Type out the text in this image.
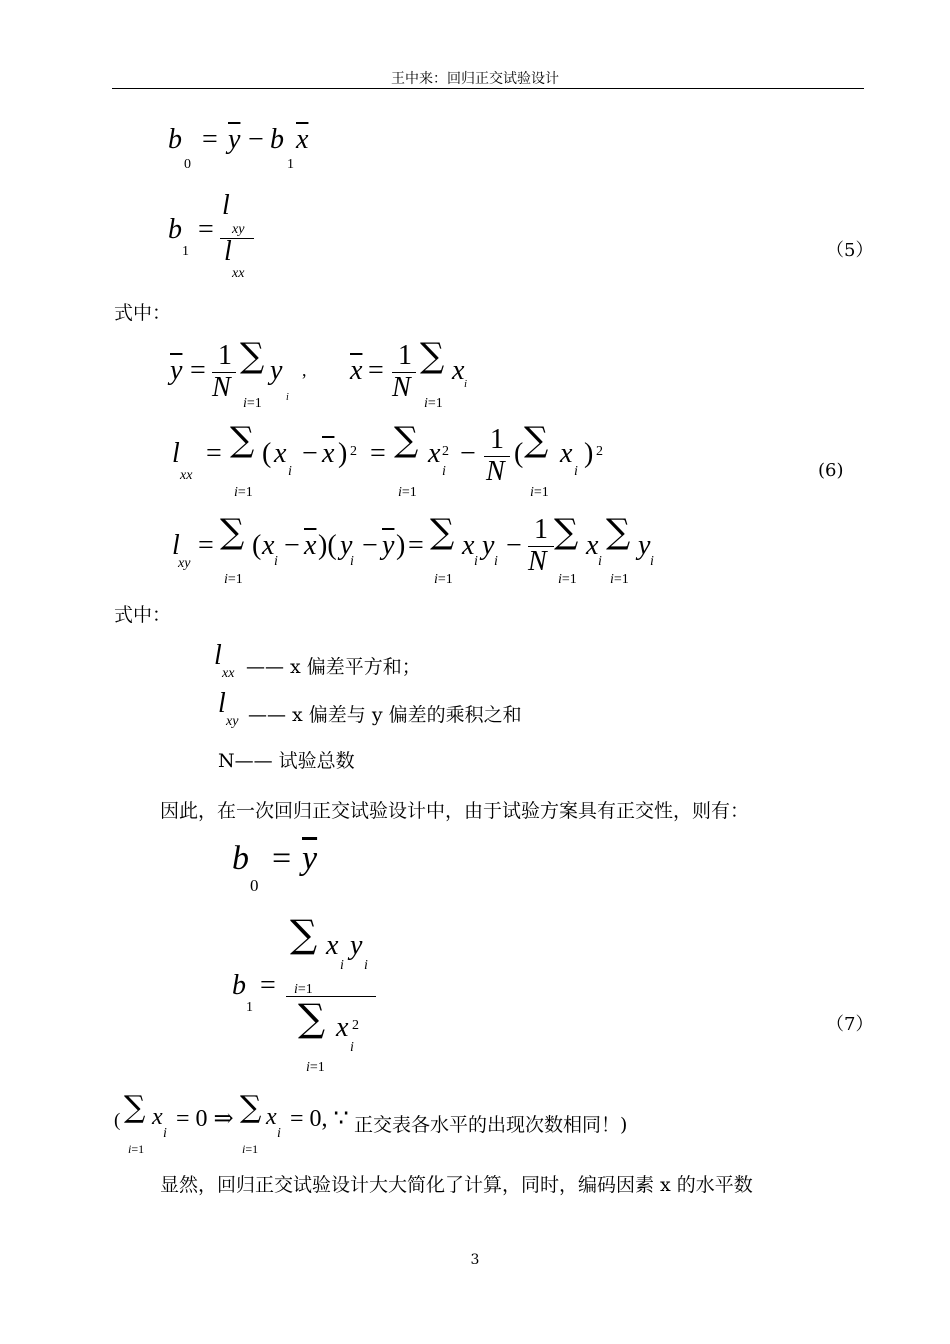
王中来：回归正交试验设计
b
0
= $\overline{y} - b$
1
$\overline{x}$
b
1
=
l
xy
l
xx
（5）
式中：
$\overline{y} = 1$
N
∑ y
i
i=1
, $\overline{x} = 1$
N
∑ x i
i=1
l
xx
= ∑ ( x
i
− $\overline{x}$ ) 2 = ∑ x 2
i
− 1
N
( ∑ x
i
) 2
i=1	i=1	i=1
(6)
l
xy
= ∑ ( x
i
− $\overline{x}$ )( y
i
− $\overline{y}$ ) = ∑ x
i
y
i
−
1
N
∑ x
i
∑ y
i
i=1	i=1	i=1 i=1
式中：
l
xx —— x 偏差平方和；
l
xy —— x 偏差与 y 偏差的乘积之和
N—— 试验总数
因此，在一次回归正交试验设计中，由于试验方案具有正交性，则有：
b
0
= $\overline{y}$
∑ x
i
y
i
i=1
b
1
=
∑ x 2
i
i=1
（7）
( ∑ x
i
= 0 ⇒ ∑ x
i
= 0, ∵
i=1	i=1
正交表各水平的出现次数相同！)
显然，回归正交试验设计大大简化了计算，同时，编码因素 x 的水平数
3
